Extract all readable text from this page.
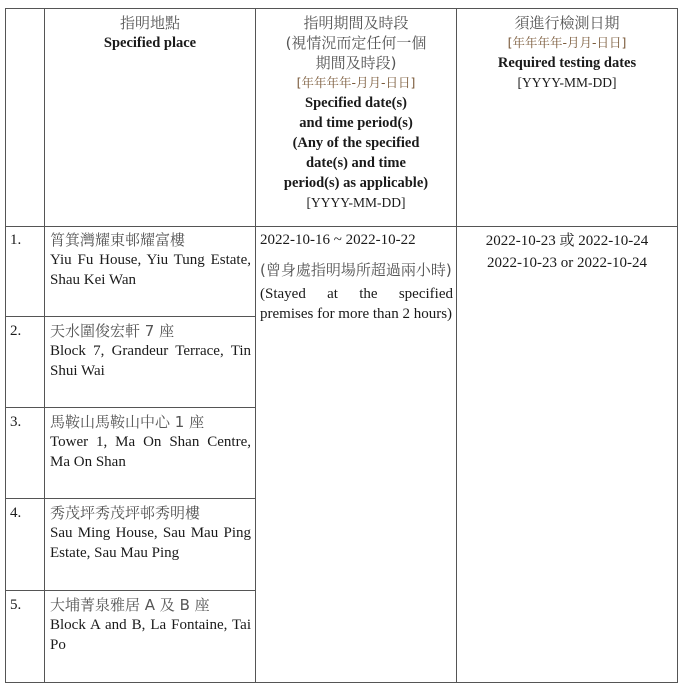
指明地點
Specified place
指明期間及時段
(視情況而定任何一個
期間及時段)
[年年年年-月月-日日]
Specified date(s)
and time period(s)
(Any of the specified
date(s) and time
period(s) as applicable)
[YYYY-MM-DD]
須進行檢測日期
[年年年年-月月-日日]
Required testing dates
[YYYY-MM-DD]
1. 筲箕灣耀東邨耀富樓
Yiu Fu House, Yiu Tung Estate, Shau Kei Wan
2. 天水圍俊宏軒 7 座
Block 7, Grandeur Terrace, Tin Shui Wai
3. 馬鞍山馬鞍山中心 1 座
Tower 1, Ma On Shan Centre, Ma On Shan
4. 秀茂坪秀茂坪邨秀明樓
Sau Ming House, Sau Mau Ping Estate, Sau Mau Ping
5. 大埔菁泉雅居 A 及 B 座
Block A and B, La Fontaine, Tai Po
2022-10-16 ~ 2022-10-22
(曾身處指明場所超過兩小時)
(Stayed at the specified premises for more than 2 hours)
2022-10-23 或 2022-10-24
2022-10-23 or 2022-10-24
